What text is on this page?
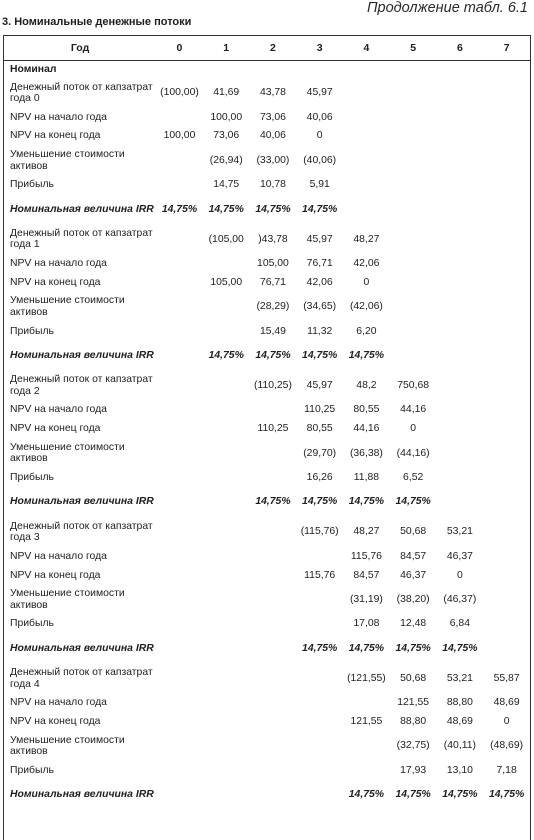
Продолжение табл. 6.1
3. Номинальные денежные потоки
Год	0	1	2	3	4	5	6	7
Номинал								
Денежный поток от капзатрат года 0	(100,00)	41,69	43,78	45,97				
NPV на начало года		100,00	73,06	40,06				
NPV на конец года	100,00	73,06	40,06	0				
Уменьшение стоимости активов		(26,94)	(33,00)	(40,06)				
Прибыль		14,75	10,78	5,91				
Номинальная величина IRR	14,75%	14,75%	14,75%	14,75%				
Денежный поток от капзатрат года 1		(105,00	)43,78	45,97	48,27			
NPV на начало года			105,00	76,71	42,06			
NPV на конец года		105,00	76,71	42,06	0			
Уменьшение стоимости активов			(28,29)	(34,65)	(42,06)			
Прибыль			15,49	11,32	6,20			
Номинальная величина IRR		14,75%	14,75%	14,75%	14,75%			
Денежный поток от капзатрат года 2			(110,25)	45,97	48,2	750,68		
NPV на начало года				110,25	80,55	44,16		
NPV на конец года			110,25	80,55	44,16	0		
Уменьшение стоимости активов				(29,70)	(36,38)	(44,16)		
Прибыль				16,26	11,88	6,52		
Номинальная величина IRR			14,75%	14,75%	14,75%	14,75%		
Денежный поток от капзатрат года 3				(115,76)	48,27	50,68	53,21	
NPV на начало года					115,76	84,57	46,37	
NPV на конец года				115,76	84,57	46,37	0	
Уменьшение стоимости активов					(31,19)	(38,20)	(46,37)	
Прибыль					17,08	12,48	6,84	
Номинальная величина IRR				14,75%	14,75%	14,75%	14,75%	
Денежный поток от капзатрат года 4					(121,55)	50,68	53,21	55,87
NPV на начало года						121,55	88,80	48,69
NPV на конец года					121,55	88,80	48,69	0
Уменьшение стоимости активов						(32,75)	(40,11)	(48,69)
Прибыль						17,93	13,10	7,18
Номинальная величина IRR					14,75%	14,75%	14,75%	14,75%
